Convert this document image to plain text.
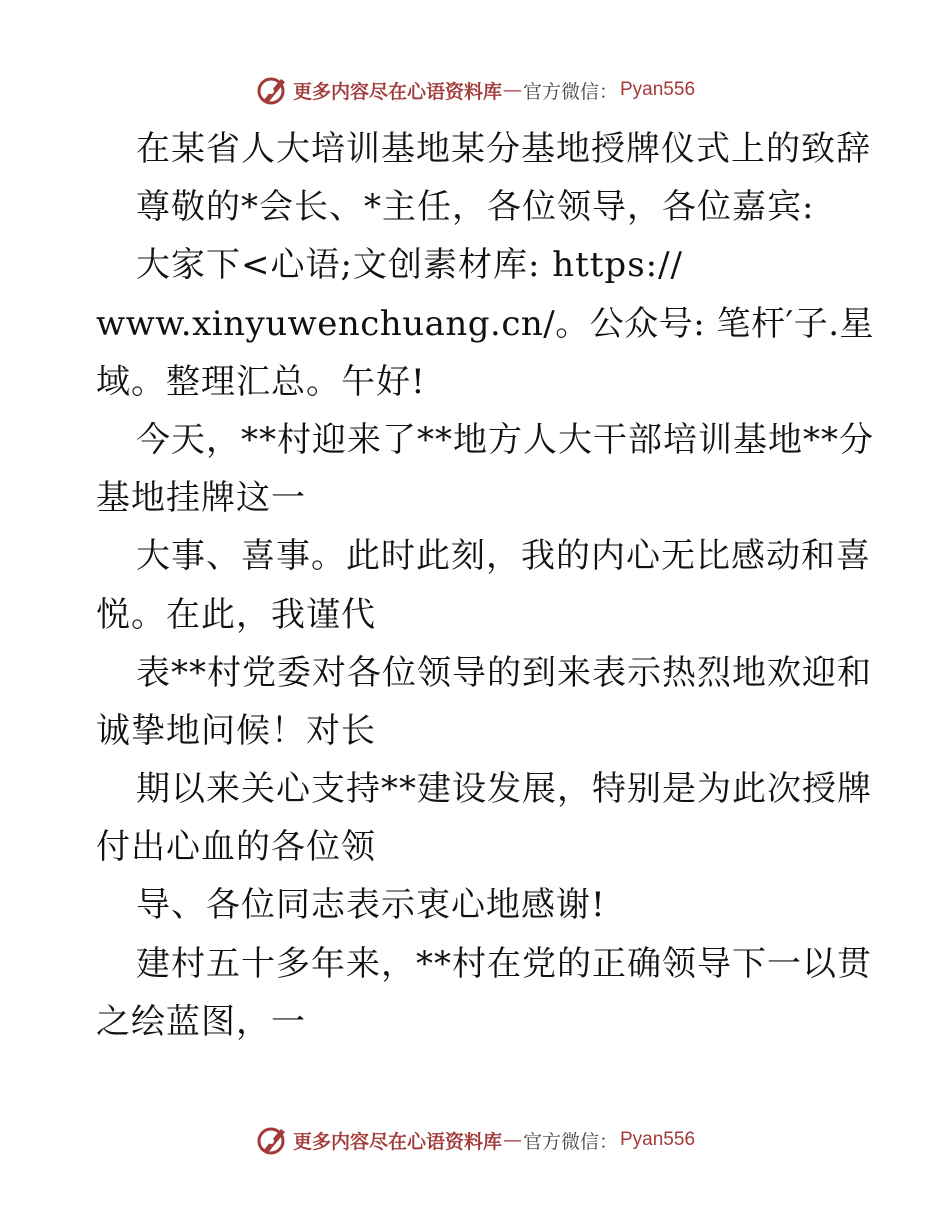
更多内容尽在心语资料库 — 官方微信： Pyan556
在某省人大培训基地某分基地授牌仪式上的致辞
尊敬的*会长、*主任，各位领导，各位嘉宾:
大家下<心语;文创素材库: https://
www.xinyuwenchuang.cn/。公众号: 笔杆′子.星
域。整理汇总。午好!
今天，**村迎来了**地方人大干部培训基地**分
基地挂牌这一
大事、喜事。此时此刻，我的内心无比感动和喜
悦。在此，我谨代
表**村党委对各位领导的到来表示热烈地欢迎和
诚挚地问候！对长
期以来关心支持**建设发展，特别是为此次授牌
付出心血的各位领
导、各位同志表示衷心地感谢!
建村五十多年来，**村在党的正确领导下一以贯
之绘蓝图，一
更多内容尽在心语资料库 — 官方微信： Pyan556
